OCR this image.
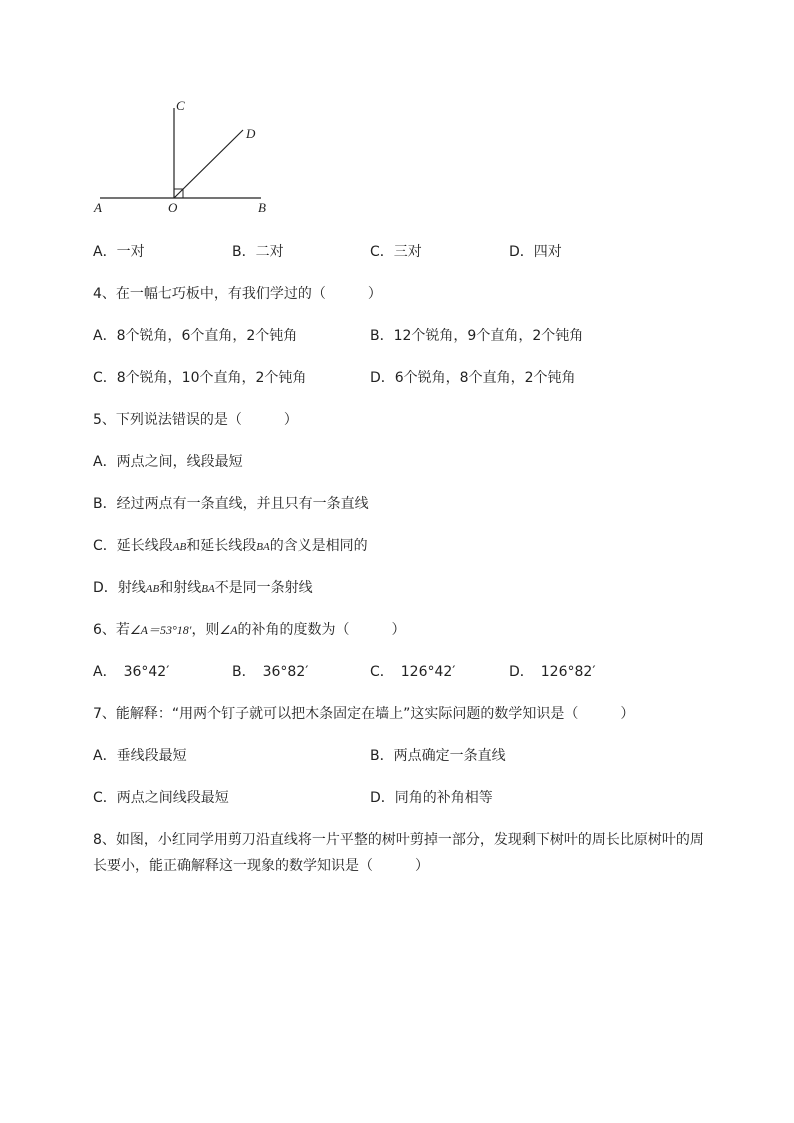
A	O	B
C
D
A．一对	B．二对	C．三对	D．四对
4、在一幅七巧板中，有我们学过的（　　　）
A．8个锐角，6个直角，2个钝角	B．12个锐角，9个直角，2个钝角
C．8个锐角，10个直角，2个钝角	D．6个锐角，8个直角，2个钝角
5、下列说法错误的是（　　　）
A．两点之间，线段最短
B．经过两点有一条直线，并且只有一条直线
C．延长线段AB和延长线段BA的含义是相同的
D．射线AB和射线BA不是同一条射线
6、若∠A＝53°18′，则∠A的补角的度数为（　　　）
A．　36°42′	B．　36°82′	C．　126°42′	D．　126°82′
7、能解释：“用两个钉子就可以把木条固定在墙上”这实际问题的数学知识是（　　　）
A．垂线段最短	B．两点确定一条直线
C．两点之间线段最短	D．同角的补角相等
8、如图，小红同学用剪刀沿直线将一片平整的树叶剪掉一部分，发现剩下树叶的周长比原树叶的周
长要小，能正确解释这一现象的数学知识是（　　　）
